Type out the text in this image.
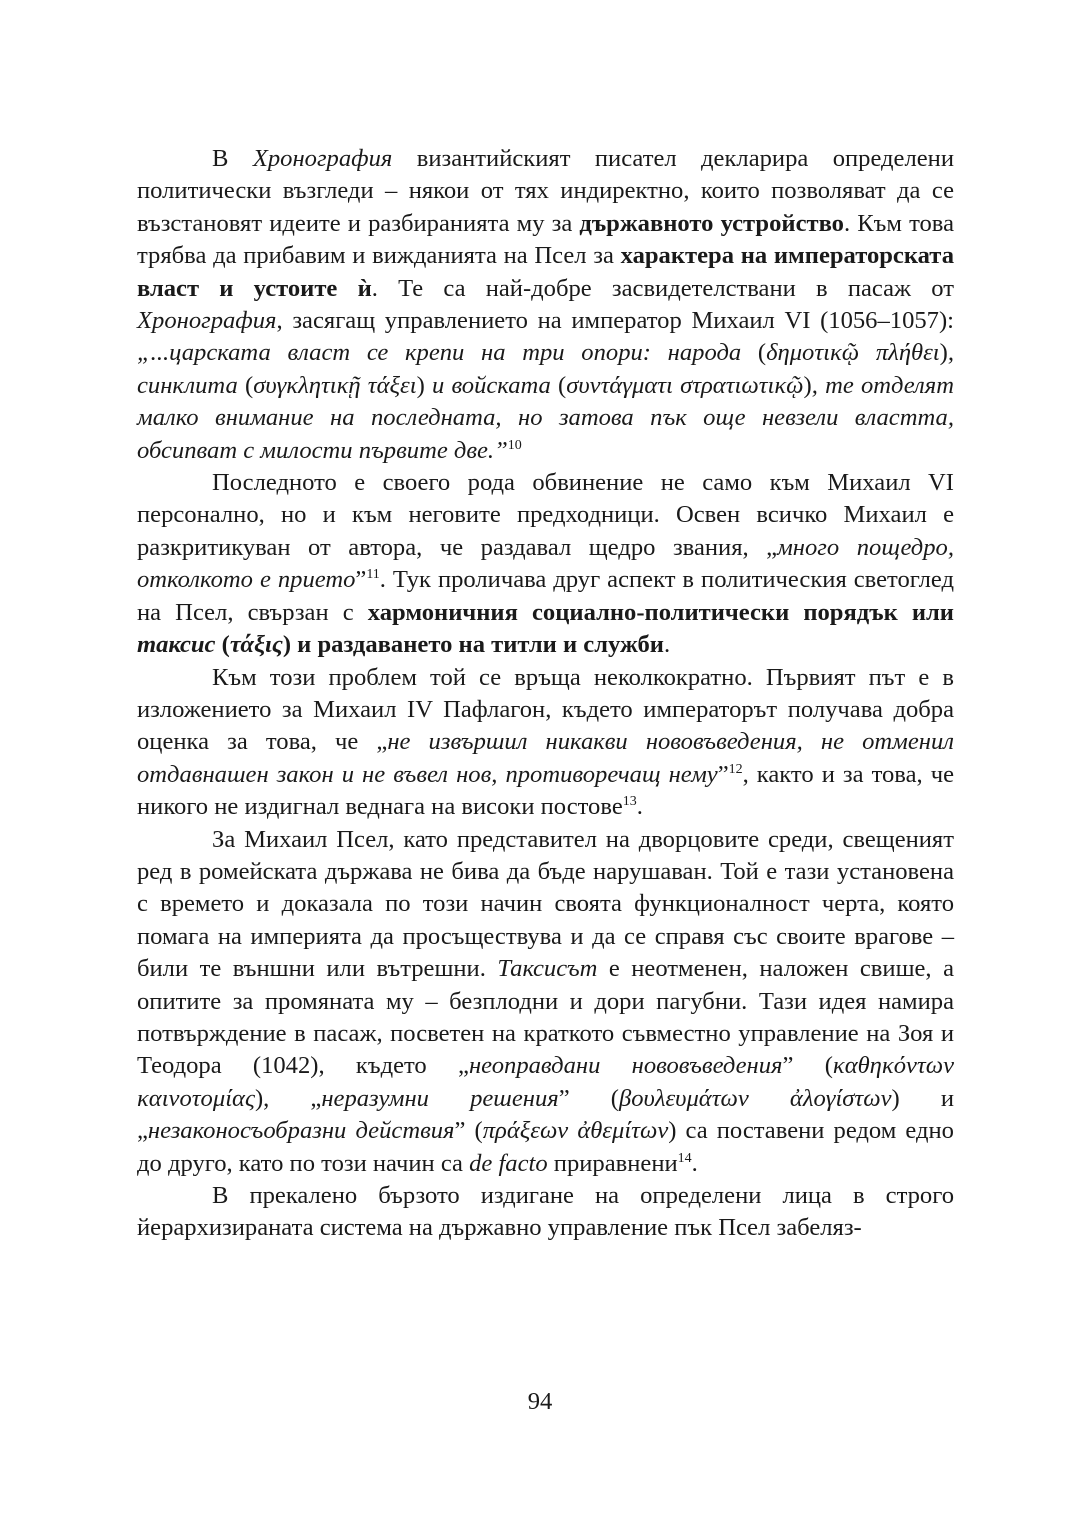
В Хронография византийският писател декларира определени политически възгледи – някои от тях индиректно, които позволяват да се възстановят идеите и разбиранията му за държавното устройство. Към това трябва да прибавим и вижданията на Псел за характера на императорската власт и устоите ѝ. Те са най-добре засвидетелствани в пасаж от Хронография, засягащ управлението на император Михаил VI (1056–1057): „...царската власт се крепи на три опори: народа (δημοτικῷ πλήθει), синклита (συγκλητικῇ τάξει) и войската (συντάγματι στρατιωτικῷ), те отделят малко внимание на последната, но затова пък още невзели властта, обсипват с милости първите две.”$^{10}$

Последното е своего рода обвинение не само към Михаил VI персонално, но и към неговите предходници. Освен всичко Михаил е разкритикуван от автора, че раздавал щедро звания, „много пощедро, отколкото е прието”$^{11}$. Тук проличава друг аспект в политическия светоглед на Псел, свързан с хармоничния социално-политически порядък или таксис (τάξις) и раздаването на титли и служби.

Към този проблем той се връща неколкократно. Първият път е в изложението за Михаил IV Пафлагон, където императорът получава добра оценка за това, че „не извършил никакви нововъведения, не отменил отдавнашен закон и не въвел нов, противоречащ нему”$^{12}$, както и за това, че никого не издигнал веднага на високи постове$^{13}$.

За Михаил Псел, като представител на дворцовите среди, свещеният ред в ромейската държава не бива да бъде нарушаван. Той е тази установена с времето и доказала по този начин своята функционалност черта, която помага на империята да просъществува и да се справя със своите врагове – били те външни или вътрешни. Таксисът е неотменен, наложен свише, а опитите за промяната му – безплодни и дори пагубни. Тази идея намира потвърждение в пасаж, посветен на краткото съвместно управление на Зоя и Теодора (1042), където „неоправдани нововъведения” (καθηκόντων καινοτομίας), „неразумни решения” (βουλευμάτων ἀλογίστων) и „незаконосъобразни действия” (πράξεων ἀθεμίτων) са поставени редом едно до друго, като по този начин са de facto приравнени$^{14}$.

В прекалено бързото издигане на определени лица в строго йерархизираната система на държавно управление пък Псел забеляз-

94
